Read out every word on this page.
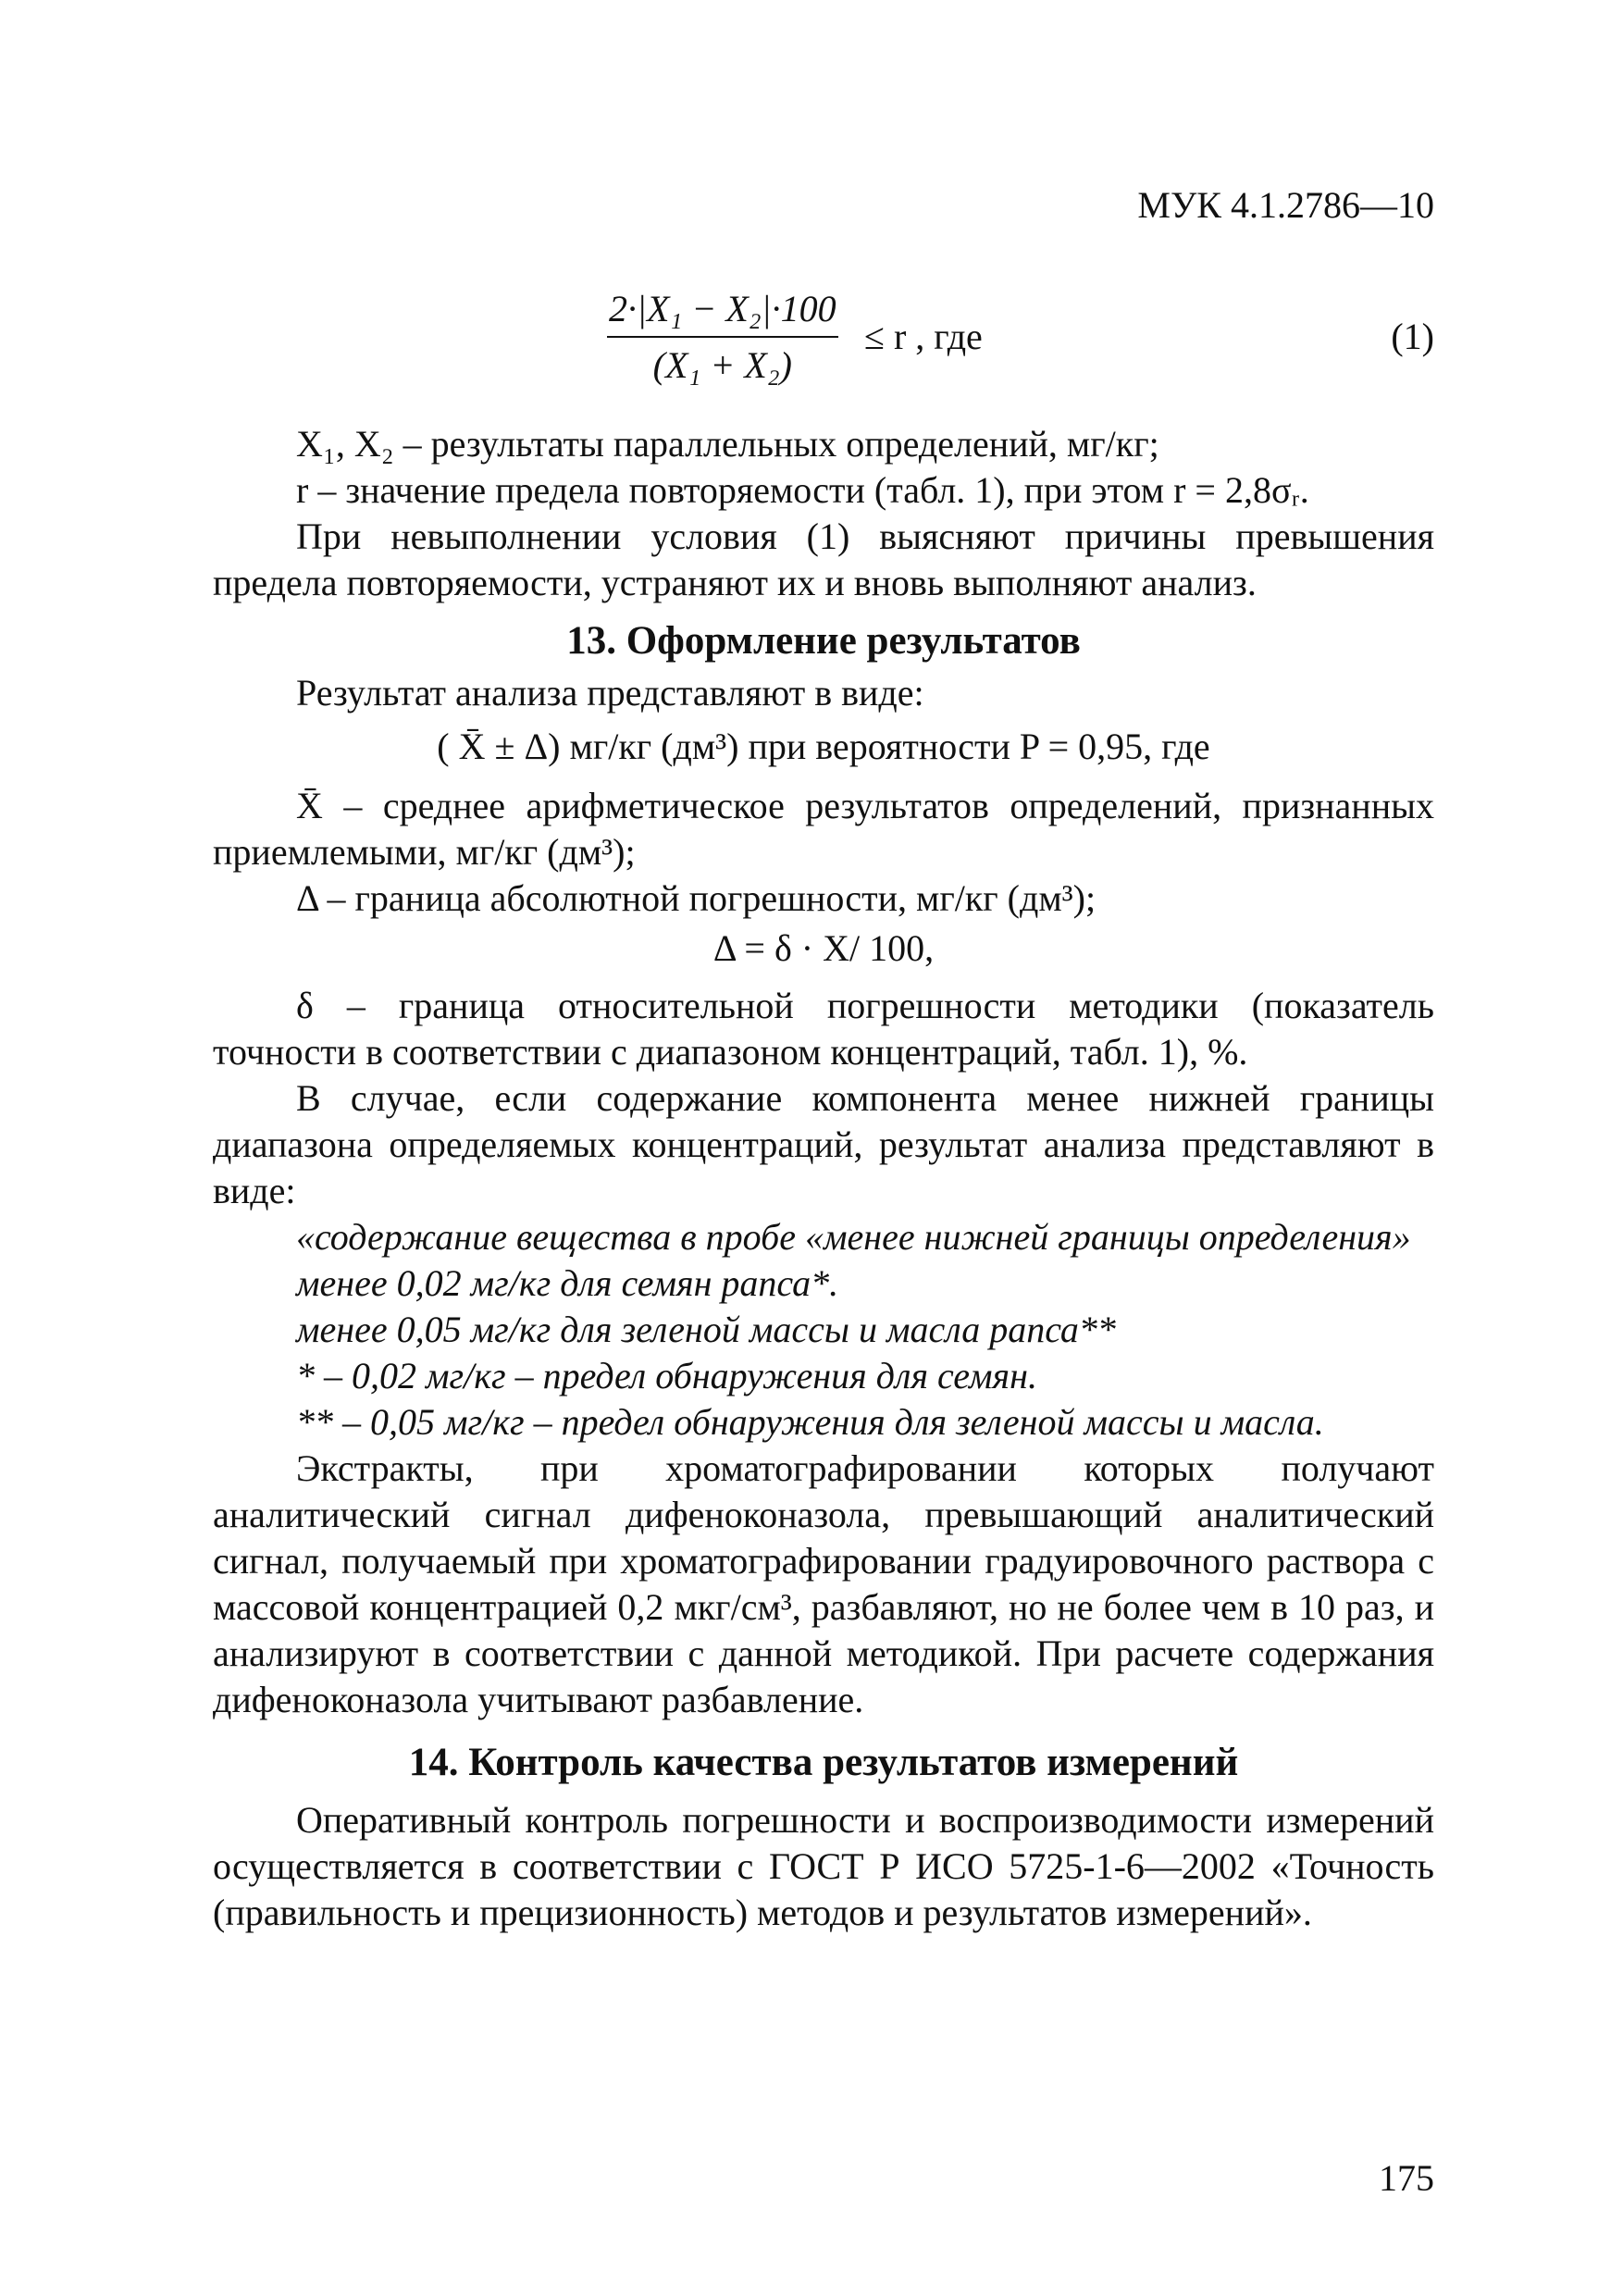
МУК 4.1.2786—10
2·|X₁ − X₂|·100
(X₁ + X₂)
≤ r , где	(1)

X₁, X₂ – результаты параллельных определений, мг/кг;

r – значение предела повторяемости (табл. 1), при этом r = 2,8σᵣ.

При невыполнении условия (1) выясняют причины превышения предела повторяемости, устраняют их и вновь выполняют анализ.

13. Оформление результатов

Результат анализа представляют в виде:

( X̄ ± Δ) мг/кг (дм³) при вероятности P = 0,95, где

X̄ – среднее арифметическое результатов определений, признанных приемлемыми, мг/кг (дм³);

Δ – граница абсолютной погрешности, мг/кг (дм³);

Δ = δ · X/ 100,

δ – граница относительной погрешности методики (показатель точности в соответствии с диапазоном концентраций, табл. 1), %.

В случае, если содержание компонента менее нижней границы диапазона определяемых концентраций, результат анализа представляют в виде:

«содержание вещества в пробе «менее нижней границы определения»

менее 0,02 мг/кг для семян рапса*.

менее 0,05 мг/кг для зеленой массы и масла рапса**

* – 0,02 мг/кг – предел обнаружения для семян.

** – 0,05 мг/кг – предел обнаружения для зеленой массы и масла.

Экстракты, при хроматографировании которых получают аналитический сигнал дифеноконазола, превышающий аналитический сигнал, получаемый при хроматографировании градуировочного раствора с массовой концентрацией 0,2 мкг/см³, разбавляют, но не более чем в 10 раз, и анализируют в соответствии с данной методикой. При расчете содержания дифеноконазола учитывают разбавление.

14. Контроль качества результатов измерений

Оперативный контроль погрешности и воспроизводимости измерений осуществляется в соответствии с ГОСТ Р ИСО 5725-1-6—2002 «Точность (правильность и прецизионность) методов и результатов измерений».

175
